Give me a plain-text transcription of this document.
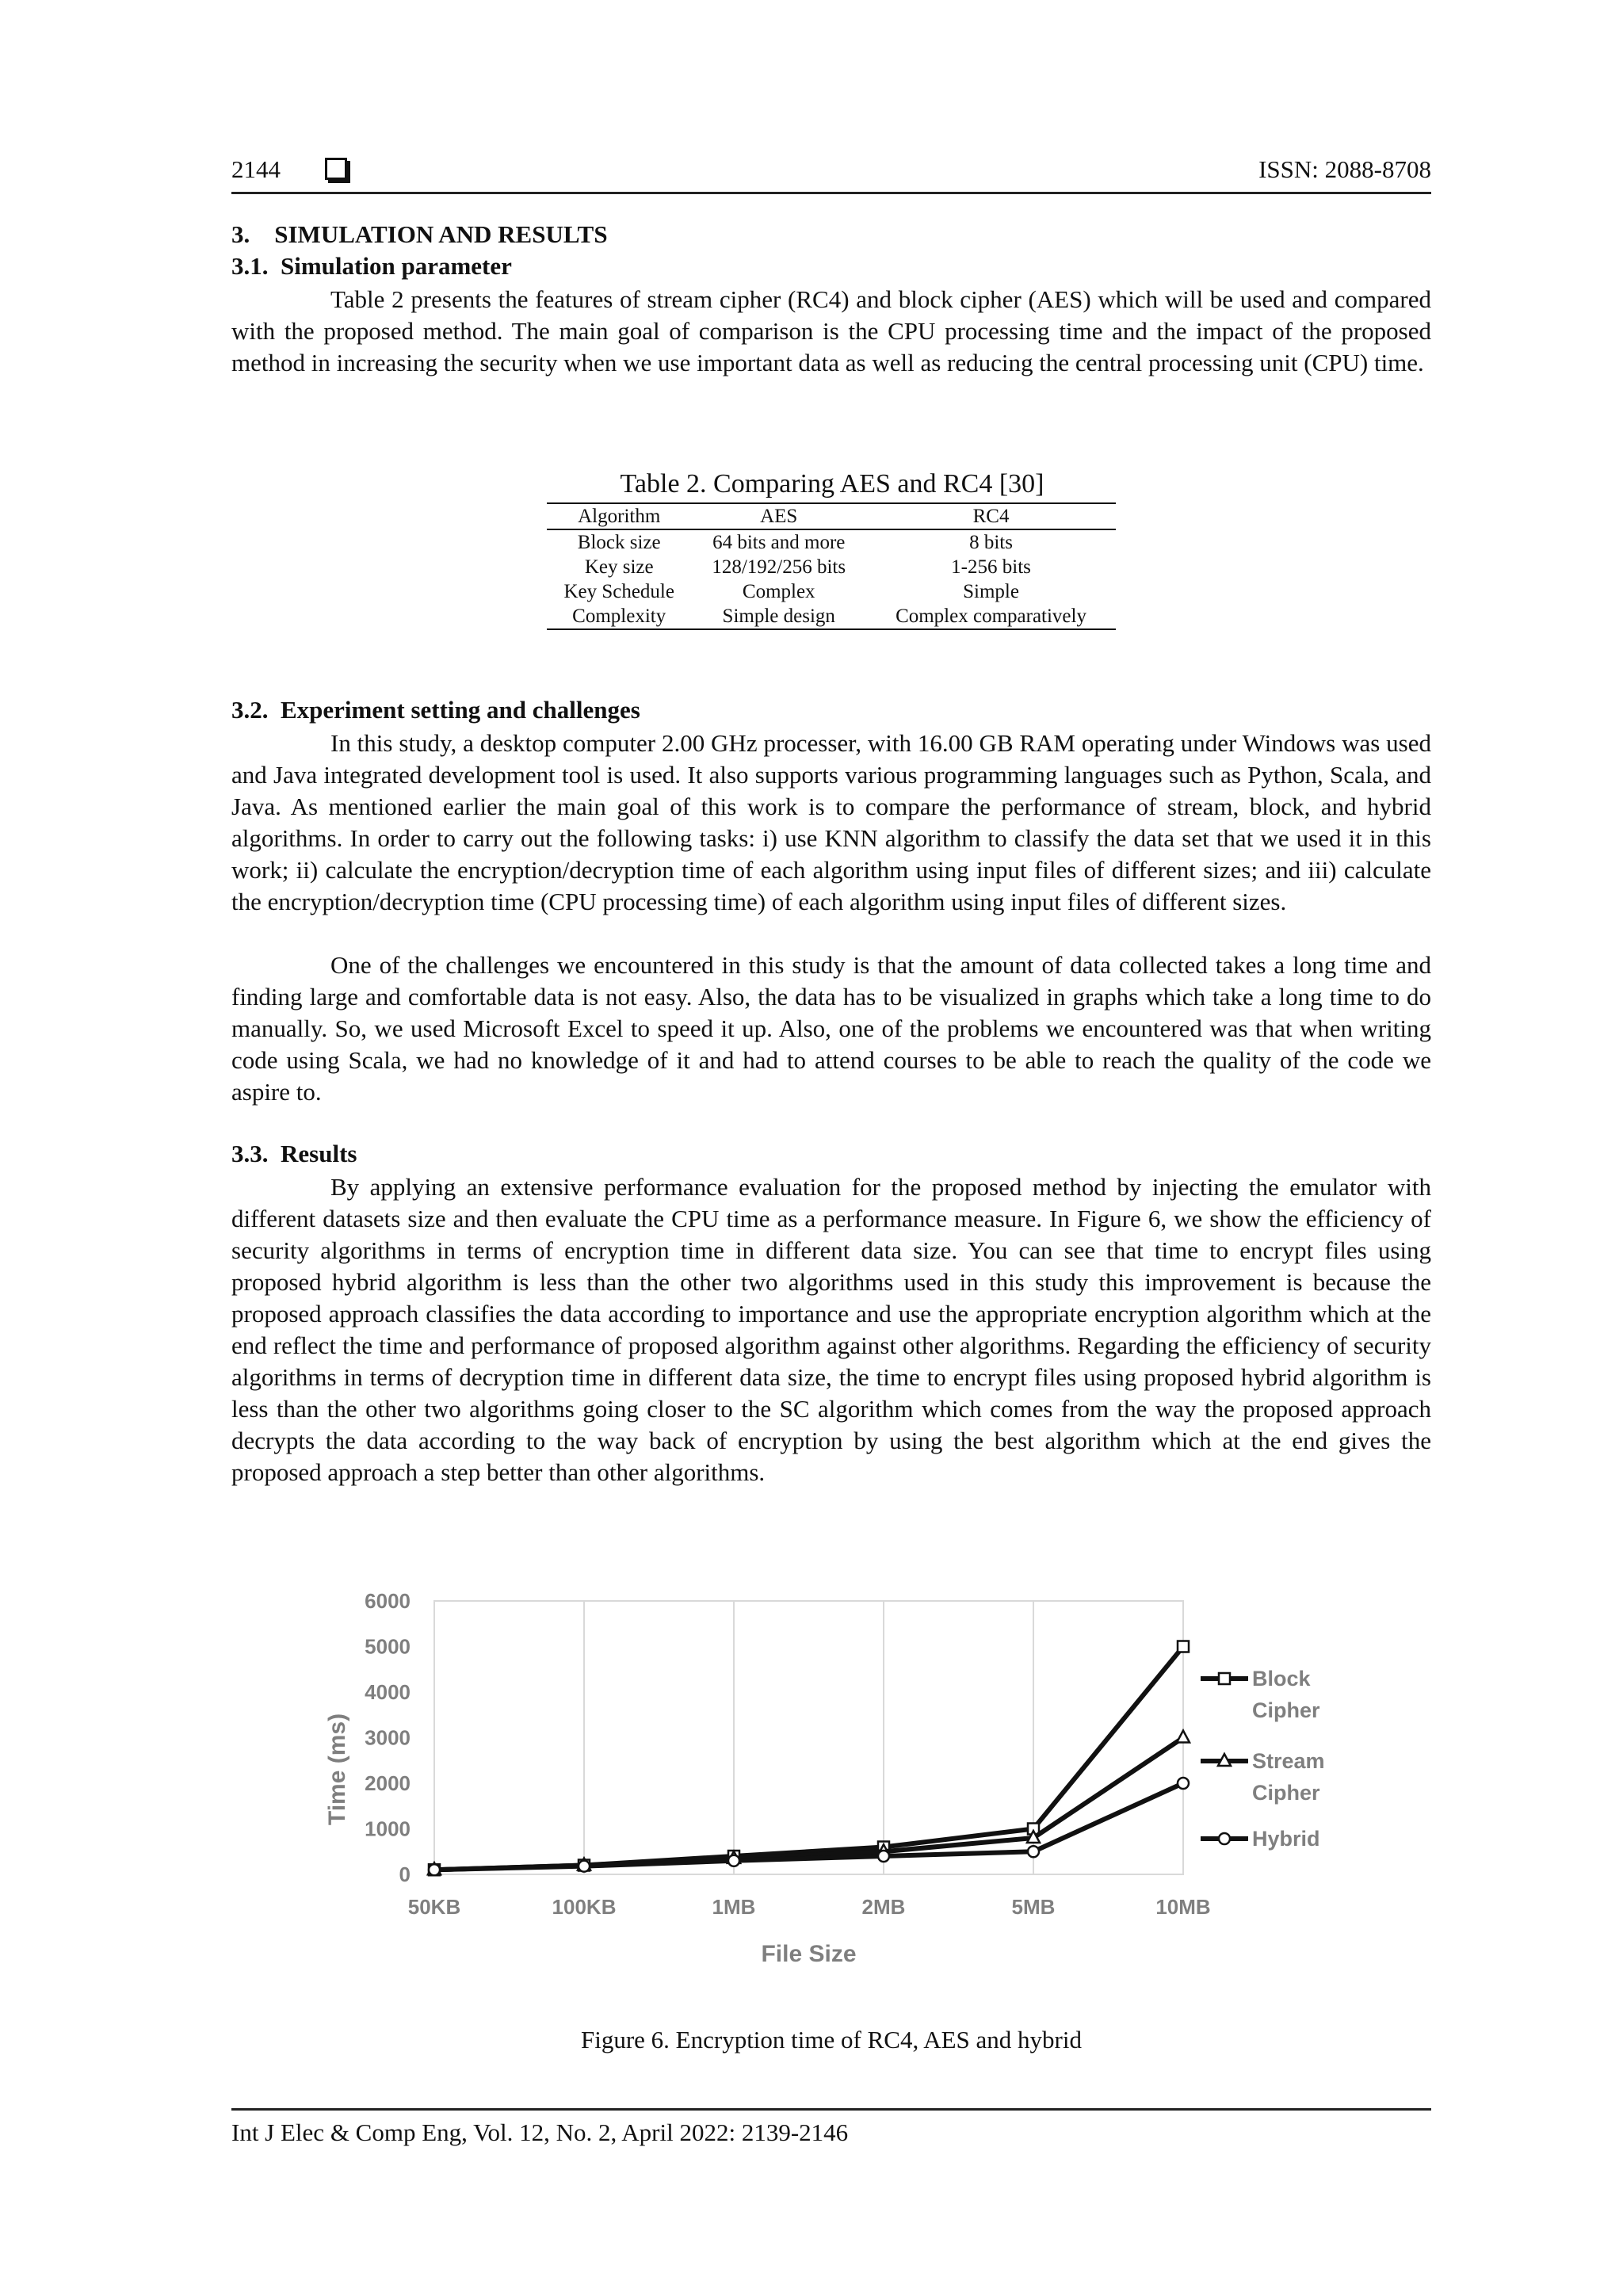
2144	ISSN: 2088-8708
3.    SIMULATION AND RESULTS
3.1.  Simulation parameter
Table 2 presents the features of stream cipher (RC4) and block cipher (AES) which will be used and compared with the proposed method. The main goal of comparison is the CPU processing time and the impact of the proposed method in increasing the security when we use important data as well as reducing the central processing unit (CPU) time.
Table 2. Comparing AES and RC4 [30]
Algorithm	AES	RC4
Block size	64 bits and more	8 bits
Key size	128/192/256 bits	1-256 bits
Key Schedule	Complex	Simple
Complexity	Simple design	Complex comparatively
3.2.  Experiment setting and challenges
In this study, a desktop computer 2.00 GHz processer, with 16.00 GB RAM operating under Windows was used and Java integrated development tool is used. It also supports various programming languages such as Python, Scala, and Java. As mentioned earlier the main goal of this work is to compare the performance of stream, block, and hybrid algorithms. In order to carry out the following tasks: i) use KNN algorithm to classify the data set that we used it in this work; ii) calculate the encryption/decryption time of each algorithm using input files of different sizes; and iii) calculate the encryption/decryption time (CPU processing time) of each algorithm using input files of different sizes.
One of the challenges we encountered in this study is that the amount of data collected takes a long time and finding large and comfortable data is not easy. Also, the data has to be visualized in graphs which take a long time to do manually. So, we used Microsoft Excel to speed it up. Also, one of the problems we encountered was that when writing code using Scala, we had no knowledge of it and had to attend courses to be able to reach the quality of the code we aspire to.
3.3.  Results
By applying an extensive performance evaluation for the proposed method by injecting the emulator with different datasets size and then evaluate the CPU time as a performance measure. In Figure 6, we show the efficiency of security algorithms in terms of encryption time in different data size. You can see that time to encrypt files using proposed hybrid algorithm is less than the other two algorithms used in this study this improvement is because the proposed approach classifies the data according to importance and use the appropriate encryption algorithm which at the end reflect the time and performance of proposed algorithm against other algorithms. Regarding the efficiency of security algorithms in terms of decryption time in different data size, the time to encrypt files using proposed hybrid algorithm is less than the other two algorithms going closer to the SC algorithm which comes from the way the proposed approach decrypts the data according to the way back of encryption by using the best algorithm which at the end gives the proposed approach a step better than other algorithms.
0
1000
2000
3000
4000
5000
6000
50KB	100KB	1MB	2MB	5MB	10MB
File Size
Time (ms)
Block
Cipher
Stream
Cipher
Hybrid
Figure 6. Encryption time of RC4, AES and hybrid
Int J Elec & Comp Eng, Vol. 12, No. 2, April 2022: 2139-2146
